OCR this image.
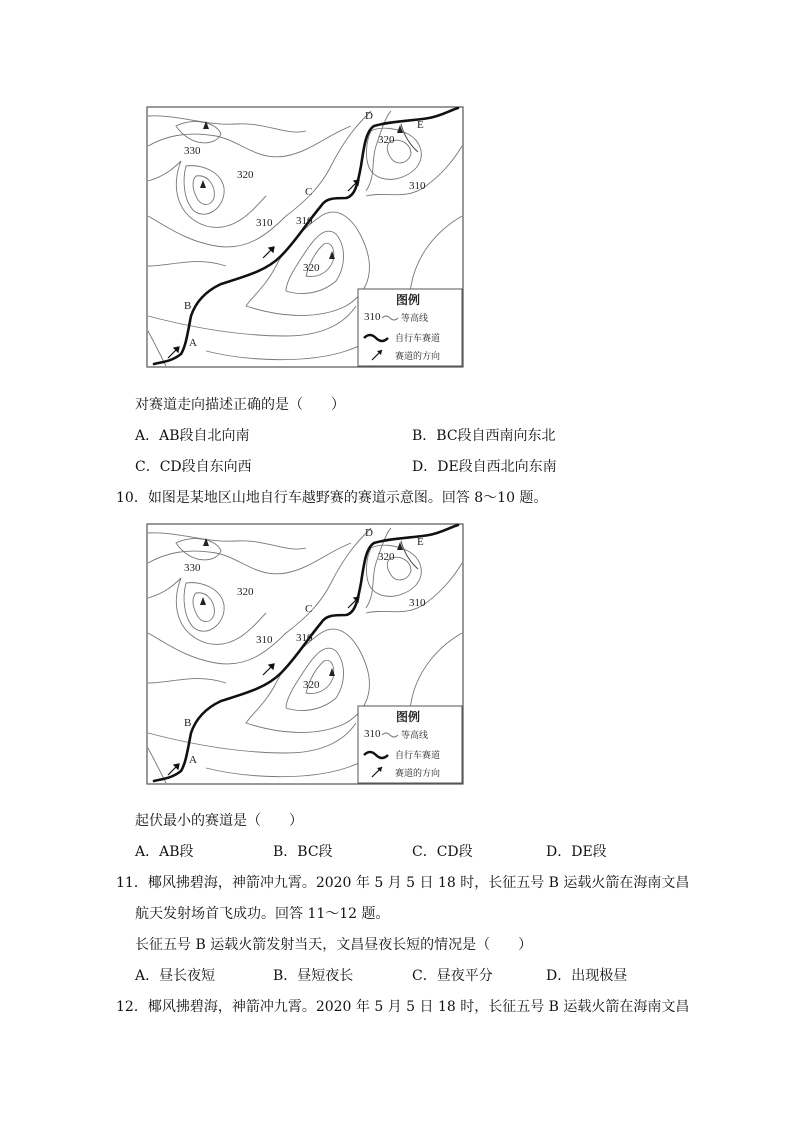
330
320
310 310
320
320
310
A
B
C
D
E
图例
310 等高线
自行车赛道
赛道的方向
对赛道走向描述正确的是（　　）
A．AB段自北向南	B．BC段自西南向东北
C．CD段自东向西	D．DE段自西北向东南
10．如图是某地区山地自行车越野赛的赛道示意图。回答 8～10 题。
330
320
310 310
320
320
310
A
B
C
D
E
图例
310 等高线
自行车赛道
赛道的方向
起伏最小的赛道是（　　）
A．AB段	B．BC段	C．CD段	D．DE段
11．椰风拂碧海，神箭冲九霄。2020 年 5 月 5 日 18 时，长征五号 B 运载火箭在海南文昌
航天发射场首飞成功。回答 11～12 题。
长征五号 B 运载火箭发射当天，文昌昼夜长短的情况是（　　）
A．昼长夜短	B．昼短夜长	C．昼夜平分	D．出现极昼
12．椰风拂碧海，神箭冲九霄。2020 年 5 月 5 日 18 时，长征五号 B 运载火箭在海南文昌
